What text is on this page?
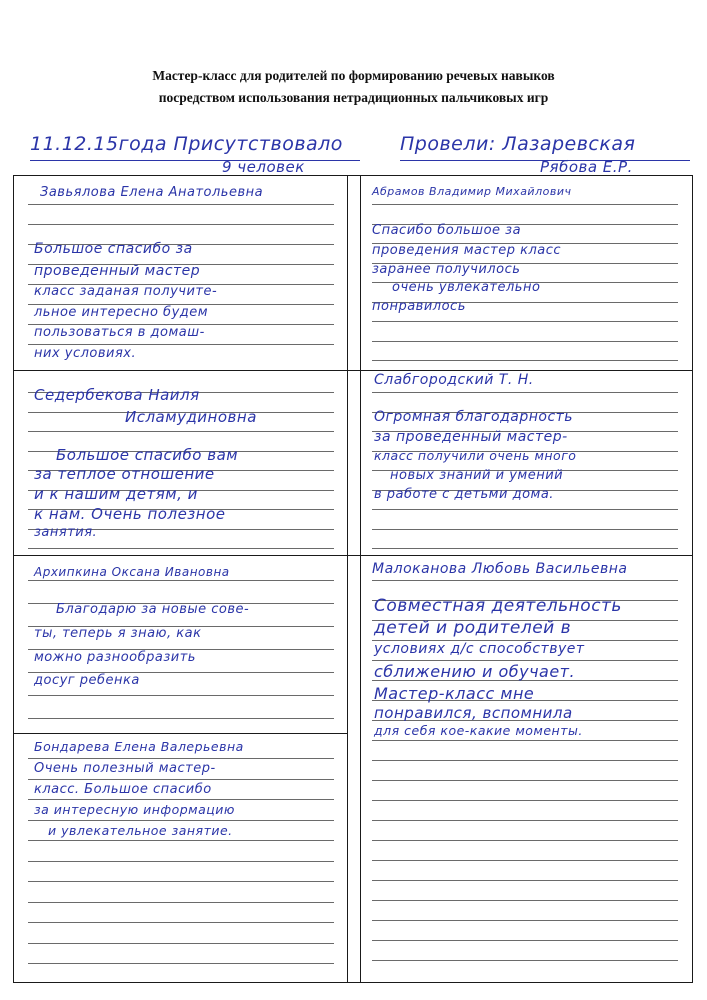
Мастер-класс для родителей по формированию речевых навыков
посредством использования нетрадиционных пальчиковых игр
11.12.15года Присутствовало
9 человек
Провели: Лазаревская
Рябова Е.Р.
Завьялова Елена Анатольевна
Большое спасибо за
проведенный мастер
класс заданая получите-
льное интересно будем
пользоваться в домаш-
них условиях.
Абрамов Владимир Михайлович
Спасибо большое за
проведения мастер класс
заранее получилось
очень увлекательно
понравилось
Седербекова Наиля
Исламудиновна
Большое спасибо вам
за теплое отношение
и к нашим детям, и
к нам. Очень полезное
занятия.
Слабгородский Т. Н.
Огромная благодарность
за проведенный мастер-
класс получили очень много
новых знаний и умений
в работе с детьми дома.
Архипкина Оксана Ивановна
Благодарю за новые сове-
ты, теперь я знаю, как
можно разнообразить
досуг ребенка
Малоканова Любовь Васильевна
Совместная деятельность
детей и родителей в
условиях д/с способствует
сближению и обучает.
Мастер-класс мне
понравился, вспомнила
для себя кое-какие моменты.
Бондарева Елена Валерьевна
Очень полезный мастер-
класс. Большое спасибо
за интересную информацию
и увлекательное занятие.
